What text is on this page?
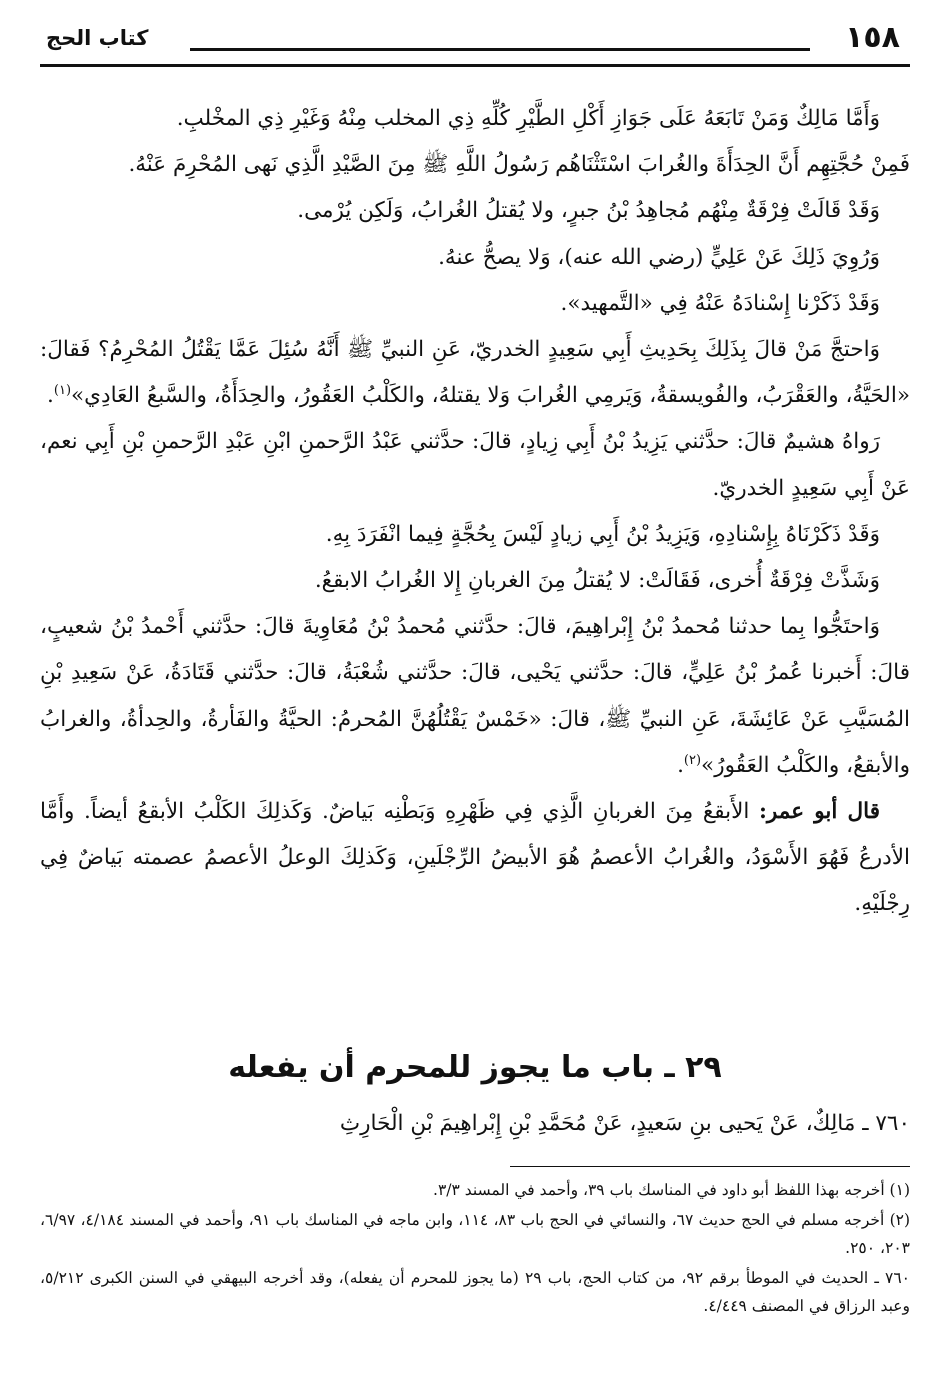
١٥٨
كتاب الحج

وَأَمَّا مَالِكٌ وَمَنْ تَابَعَهُ عَلَى جَوَازِ أَكْلِ الطَّيْرِ كُلِّهِ ذِي المخلب مِنْهُ وَغَيْرِ ذِي المخْلبِ.

فَمِنْ حُجَّتِهِم أَنَّ الحِدَأَةَ والغُرابَ اسْتَثْنَاهُم رَسُولُ اللَّهِ ﷺ مِنَ الصَّيْدِ الَّذِي نَهى المُحْرِمَ عَنْهُ.

وَقَدْ قَالَتْ فِرْقَةٌ مِنْهُم مُجاهِدُ بْنُ جبرٍ، ولا يُقتلُ الغُرابُ، وَلَكِن يُرْمى.

وَرُوِيَ ذَلِكَ عَنْ عَلِيٍّ (رضي الله عنه)، وَلا يصحُّ عنهُ.

وَقَدْ ذَكَرْنا إِسْنادَهُ عَنْهُ فِي «التَّمهيد».

وَاحتجَّ مَنْ قالَ بِذَلِكَ بِحَدِيثِ أَبِي سَعِيدٍ الخدريّ، عَنِ النبيِّ ﷺ أَنَّهُ سُئِلَ عَمَّا يَقْتُلُ المُحْرِمُ؟ فَقالَ: «الحَيَّةُ، والعَقْرَبُ، والفُويسقةُ، وَيَرمِي الغُرابَ وَلا يقتلهُ، والكَلْبُ العَقُورُ، والحِدَأَةُ، والسَّبعُ العَادِي»$^{(١)}$.

رَواهُ هشيمٌ قالَ: حدَّثني يَزِيدُ بْنُ أَبِي زِيادٍ، قالَ: حدَّثني عَبْدُ الرَّحمنِ ابْنِ عَبْدِ الرَّحمنِ بْنِ أَبِي نعم، عَنْ أَبِي سَعِيدٍ الخدريّ.

وَقَدْ ذَكَرْنَاهُ بِإِسْنادِهِ، وَيَزِيدُ بْنُ أَبِي زيادٍ لَيْسَ بِحُجَّةٍ فِيما انْفَرَدَ بِهِ.

وَشَذَّتْ فِرْقَةٌ أُخرى، فَقَالَتْ: لا يُقتلُ مِنَ الغربانِ إِلا الغُرابُ الابقعُ.

وَاحتَجُّوا بِما حدثنا مُحمدُ بْنُ إِبْراهِيمَ، قالَ: حدَّثني مُحمدُ بْنُ مُعَاوِيةَ قالَ: حدَّثني أَحْمدُ بْنُ شعيبٍ، قالَ: أَخبرنا عُمرُ بْنُ عَلِيٍّ، قالَ: حدَّثني يَحْيى، قالَ: حدَّثني شُعْبَةُ، قالَ: حدَّثني قَتَادَةُ، عَنْ سَعِيدِ بْنِ المُسَيَّبِ عَنْ عَائِشَةَ، عَنِ النبيِّ ﷺ، قالَ: «خَمْسٌ يَقْتُلُهُنَّ المُحرمُ: الحيَّةُ والفَأرةُ، والحِدأةُ، والغرابُ والأبقعُ، والكَلْبُ العَقُورُ»$^{(٢)}$.

قال أبو عمر: الأَبقعُ مِنَ الغربانِ الَّذِي فِي ظَهْرِهِ وَبَطْنِه بَياضٌ. وَكَذلِكَ الكَلْبُ الأبقعُ أيضاً. وأَمَّا الأدرعُ فَهُوَ الأَسْوَدُ، والغُرابُ الأعصمُ هُوَ الأبيضُ الرِّجْلَينِ، وَكَذلِكَ الوعلُ الأعصمُ عصمته بَياضٌ فِي رِجْلَيْهِ.

٢٩ ـ باب ما يجوز للمحرم أن يفعله
٧٦٠ ـ مَالِكٌ، عَنْ يَحيى بنِ سَعيدٍ، عَنْ مُحَمَّدِ بْنِ إِبْراهِيمَ بْنِ الْحَارِثِ

(١) أخرجه بهذا اللفظ أبو داود في المناسك باب ٣٩، وأحمد في المسند ٣/٣.

(٢) أخرجه مسلم في الحج حديث ٦٧، والنسائي في الحج باب ٨٣، ١١٤، وابن ماجه في المناسك باب ٩١، وأحمد في المسند ٤/١٨٤، ٦/٩٧، ٢٠٣، ٢٥٠.

٧٦٠ ـ الحديث في الموطأ برقم ٩٢، من كتاب الحج، باب ٢٩ (ما يجوز للمحرم أن يفعله)، وقد أخرجه البيهقي في السنن الكبرى ٥/٢١٢، وعبد الرزاق في المصنف ٤/٤٤٩.
